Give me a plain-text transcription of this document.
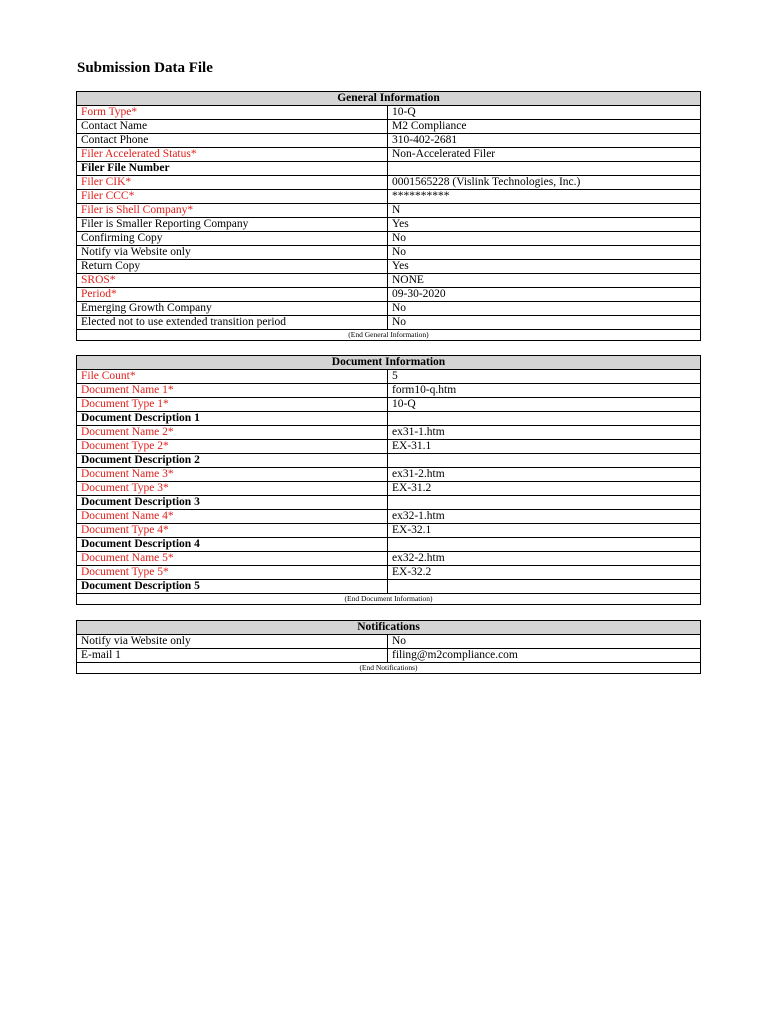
Submission Data File
General Information	
Form Type*	10-Q
Contact Name	M2 Compliance
Contact Phone	310-402-2681
Filer Accelerated Status*	Non-Accelerated Filer
Filer File Number	
Filer CIK*	0001565228 (Vislink Technologies, Inc.)
Filer CCC*	**********
Filer is Shell Company*	N
Filer is Smaller Reporting Company	Yes
Confirming Copy	No
Notify via Website only	No
Return Copy	Yes
SROS*	NONE
Period*	09-30-2020
Emerging Growth Company	No
Elected not to use extended transition period	No
(End General Information)	
Document Information	
File Count*	5
Document Name 1*	form10-q.htm
Document Type 1*	10-Q
Document Description 1	
Document Name 2*	ex31-1.htm
Document Type 2*	EX-31.1
Document Description 2	
Document Name 3*	ex31-2.htm
Document Type 3*	EX-31.2
Document Description 3	
Document Name 4*	ex32-1.htm
Document Type 4*	EX-32.1
Document Description 4	
Document Name 5*	ex32-2.htm
Document Type 5*	EX-32.2
Document Description 5	
(End Document Information)	
Notifications	
Notify via Website only	No
E-mail 1	filing@m2compliance.com
(End Notifications)	
